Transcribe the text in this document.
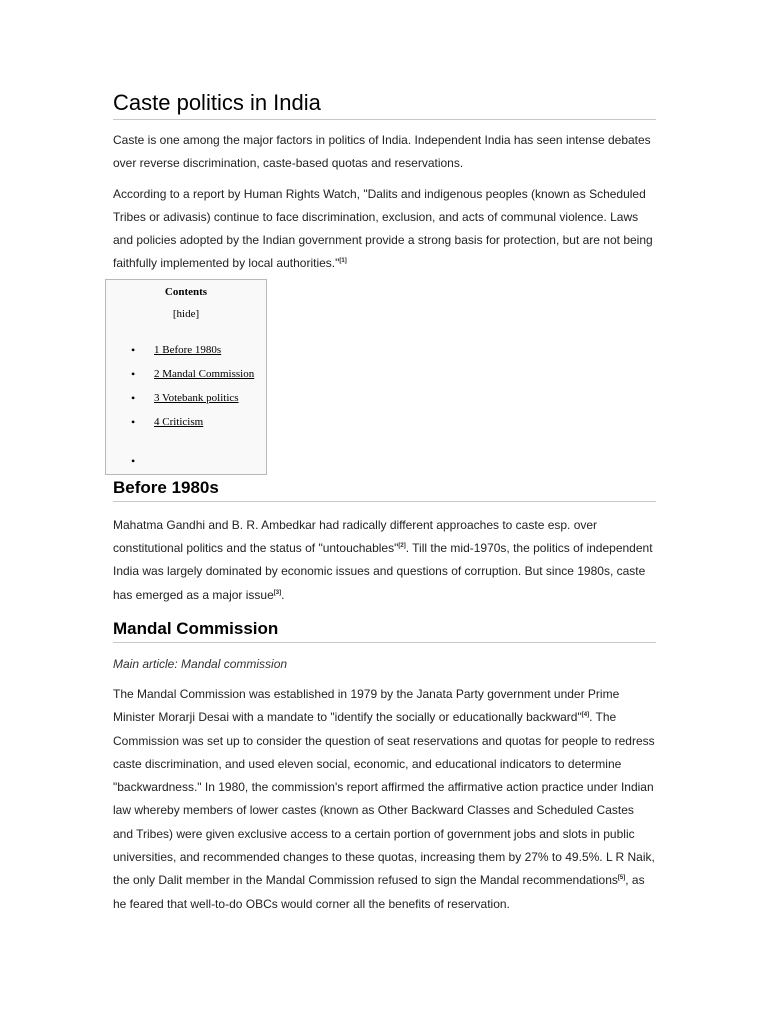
Caste politics in India

Caste is one among the major factors in politics of India. Independent India has seen intense debates over reverse discrimination, caste-based quotas and reservations.

According to a report by Human Rights Watch, "Dalits and indigenous peoples (known as Scheduled Tribes or adivasis) continue to face discrimination, exclusion, and acts of communal violence. Laws and policies adopted by the Indian government provide a strong basis for protection, but are not being faithfully implemented by local authorities."[1]

Contents
[hide]
• 1 Before 1980s
• 2 Mandal Commission
• 3 Votebank politics
• 4 Criticism
•
Before 1980s

Mahatma Gandhi and B. R. Ambedkar had radically different approaches to caste esp. over constitutional politics and the status of "untouchables"[2]. Till the mid-1970s, the politics of independent India was largely dominated by economic issues and questions of corruption. But since 1980s, caste has emerged as a major issue[3].

Mandal Commission
Main article: Mandal commission

The Mandal Commission was established in 1979 by the Janata Party government under Prime Minister Morarji Desai with a mandate to "identify the socially or educationally backward"[4]. The Commission was set up to consider the question of seat reservations and quotas for people to redress caste discrimination, and used eleven social, economic, and educational indicators to determine "backwardness." In 1980, the commission's report affirmed the affirmative action practice under Indian law whereby members of lower castes (known as Other Backward Classes and Scheduled Castes and Tribes) were given exclusive access to a certain portion of government jobs and slots in public universities, and recommended changes to these quotas, increasing them by 27% to 49.5%. L R Naik, the only Dalit member in the Mandal Commission refused to sign the Mandal recommendations[5], as he feared that well-to-do OBCs would corner all the benefits of reservation.
